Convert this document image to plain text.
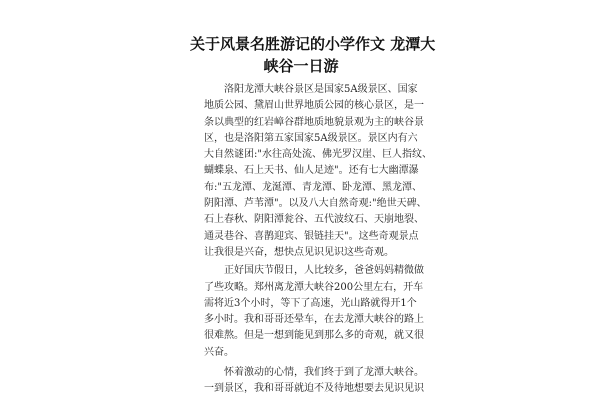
关于风景名胜游记的小学作文 龙潭大
峡谷一日游
洛阳龙潭大峡谷景区是国家5A级景区、国家
地质公园、黛眉山世界地质公园的核心景区，是一
条以典型的红岩嶂谷群地质地貌景观为主的峡谷景
区，也是洛阳第五家国家5A级景区。景区内有六
大自然谜团:"水往高处流、佛光罗汉崖、巨人指纹、
蝴蝶泉、石上天书、仙人足迹"。还有七大幽潭瀑
布:"五龙潭、龙涎潭、青龙潭、卧龙潭、黑龙潭、
阴阳潭、芦苇潭"。以及八大自然奇观:"绝世天碑、
石上春秋、阴阳潭瓮谷、五代波纹石、天崩地裂、
通灵巷谷、喜鹊迎宾、银链挂天"。这些奇观景点
让我很是兴奋，想快点见识见识这些奇观。
正好国庆节假日，人比较多，爸爸妈妈精微做
了些攻略。郑州离龙潭大峡谷200公里左右，开车
需将近3个小时，等下了高速，光山路就得开1个
多小时。我和哥哥还晕车，在去龙潭大峡谷的路上
很难熬。但是一想到能见到那么多的奇观，就又很
兴奋。
怀着激动的心情，我们终于到了龙潭大峡谷。
一到景区，我和哥哥就迫不及待地想要去见识见识
